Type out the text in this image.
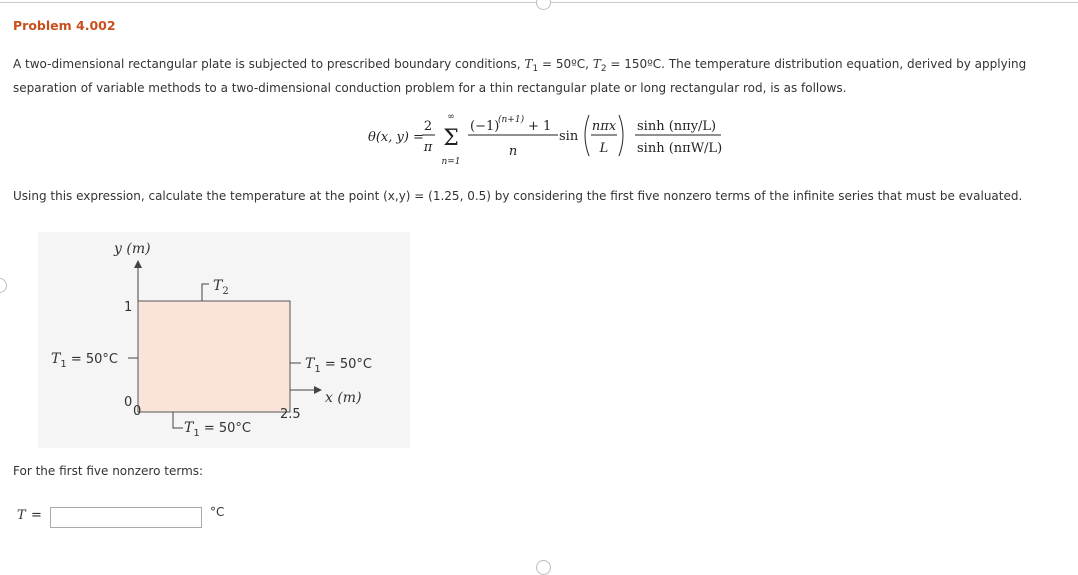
Problem 4.002
A two-dimensional rectangular plate is subjected to prescribed boundary conditions, $T_1$ = 50ºC, $T_2$ = 150ºC. The temperature distribution equation, derived by applying separation of variable methods to a two-dimensional conduction problem for a thin rectangular plate or long rectangular rod, is as follows.
θ(x, y) =
2
π
∞
Σ
n=1
(−1)
(n+1) + 1
n
sin
nπx
L
sinh (nπy/L)
sinh (nπW/L)
Using this expression, calculate the temperature at the point (x,y) = (1.25, 0.5) by considering the first five nonzero terms of the infinite series that must be evaluated.
y (m)
x (m)
1
0
0	2.5
$T_2$
$T_1 = 50^\circ C$	$T_1 = 50^\circ C$
$T_1 = 50^\circ C$
For the first five nonzero terms:
T =	°C
